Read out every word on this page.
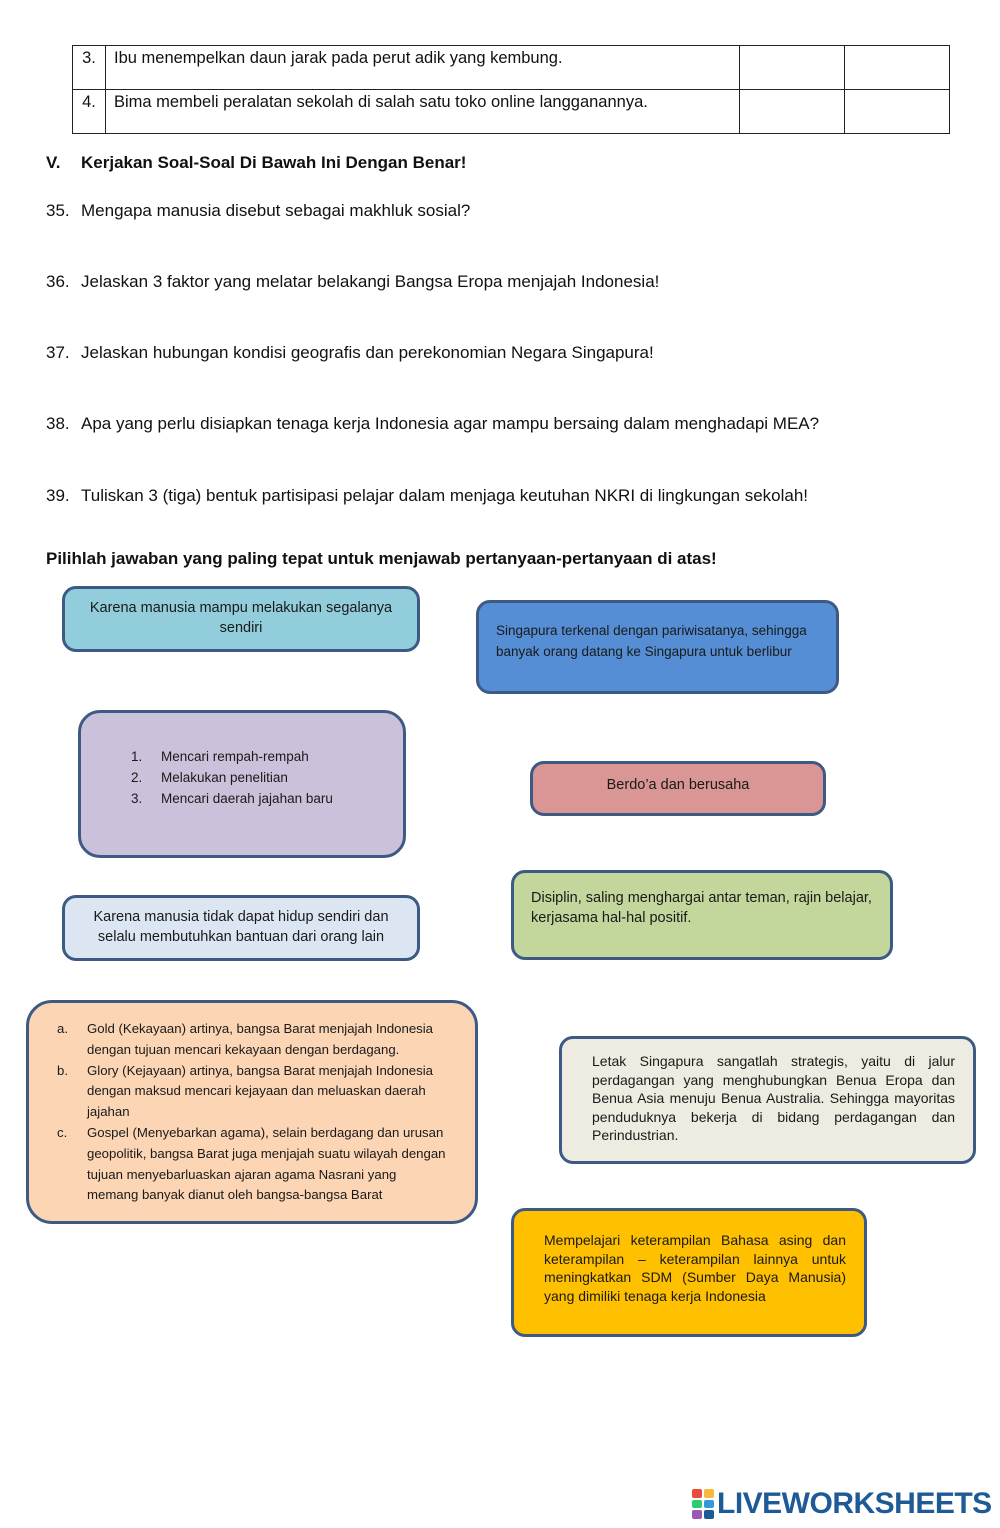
3.	Ibu menempelkan daun jarak pada perut adik yang kembung.		
4.	Bima membeli peralatan sekolah di salah satu toko online langganannya.		
V. Kerjakan Soal-Soal Di Bawah Ini Dengan Benar!
35. Mengapa manusia disebut sebagai makhluk sosial?
36. Jelaskan 3 faktor yang melatar belakangi Bangsa Eropa menjajah Indonesia!
37. Jelaskan hubungan kondisi geografis dan perekonomian Negara Singapura!
38. Apa yang perlu disiapkan tenaga kerja Indonesia agar mampu bersaing dalam menghadapi MEA?
39. Tuliskan 3 (tiga) bentuk partisipasi pelajar dalam menjaga keutuhan NKRI di lingkungan sekolah!
Pilihlah jawaban yang paling tepat untuk menjawab pertanyaan-pertanyaan di atas!

Karena manusia mampu melakukan segalanya sendiri	Singapura terkenal dengan pariwisatanya, sehingga banyak orang datang ke Singapura untuk berlibur

1. Mencari rempah-rempah
2. Melakukan penelitian
3. Mencari daerah jajahan baru

Berdo’a dan berusaha

Disiplin, saling menghargai antar teman, rajin belajar, kerjasama hal-hal positif.

Karena manusia tidak dapat hidup sendiri dan selalu membutuhkan bantuan dari orang lain

a. Gold (Kekayaan) artinya, bangsa Barat menjajah Indonesia dengan tujuan mencari kekayaan dengan berdagang.
b. Glory (Kejayaan) artinya, bangsa Barat menjajah Indonesia dengan maksud mencari kejayaan dan meluaskan daerah jajahan
c. Gospel (Menyebarkan agama), selain berdagang dan urusan geopolitik, bangsa Barat juga menjajah suatu wilayah dengan tujuan menyebarluaskan ajaran agama Nasrani yang memang banyak dianut oleh bangsa-bangsa Barat

Letak Singapura sangatlah strategis, yaitu di jalur perdagangan yang menghubungkan Benua Eropa dan Benua Asia menuju Benua Australia. Sehingga mayoritas penduduknya bekerja di bidang perdagangan dan Perindustrian.

Mempelajari keterampilan Bahasa asing dan keterampilan – keterampilan lainnya untuk meningkatkan SDM (Sumber Daya Manusia) yang dimiliki tenaga kerja Indonesia

LIVEWORKSHEETS
